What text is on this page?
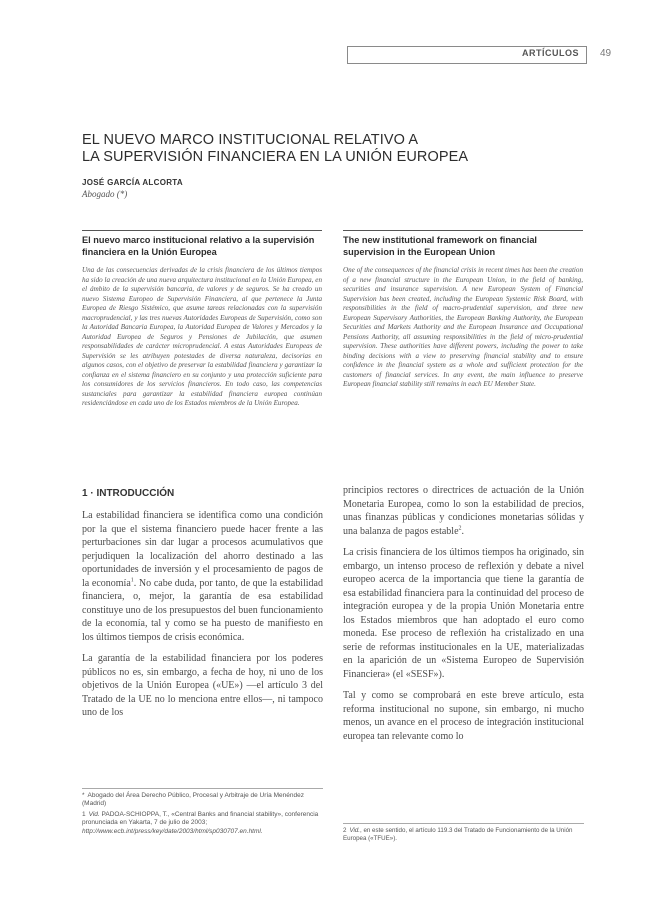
ARTÍCULOS 49
EL NUEVO MARCO INSTITUCIONAL RELATIVO A
LA SUPERVISIÓN FINANCIERA EN LA UNIÓN EUROPEA
JOSÉ GARCÍA ALCORTA
Abogado (*)
El nuevo marco institucional relativo a la supervisión financiera en la Unión Europea

Una de las consecuencias derivadas de la crisis financiera de los últimos tiempos ha sido la creación de una nueva arquitectura institucional en la Unión Europea, en el ámbito de la supervisión bancaria, de valores y de seguros. Se ha creado un nuevo Sistema Europeo de Supervisión Financiera, al que pertenece la Junta Europea de Riesgo Sistémico, que asume tareas relacionadas con la supervisión macroprudencial, y las tres nuevas Autoridades Europeas de Supervisión, como son la Autoridad Bancaria Europea, la Autoridad Europea de Valores y Mercados y la Autoridad Europea de Seguros y Pensiones de Jubilación, que asumen responsabilidades de carácter microprudencial. A estas Autoridades Europeas de Supervisión se les atribuyen potestades de diversa naturaleza, decisorias en algunos casos, con el objetivo de preservar la estabilidad financiera y garantizar la confianza en el sistema financiero en su conjunto y una protección suficiente para los consumidores de los servicios financieros. En todo caso, las competencias sustanciales para garantizar la estabilidad financiera europea continúan residenciándose en cada uno de los Estados miembros de la Unión Europea.

The new institutional framework on financial supervision in the European Union

One of the consequences of the financial crisis in recent times has been the creation of a new financial structure in the European Union, in the field of banking, securities and insurance supervision. A new European System of Financial Supervision has been created, including the European Systemic Risk Board, with responsibilities in the field of macro-prudential supervision, and three new European Supervisory Authorities, the European Banking Authority, the European Securities and Markets Authority and the European Insurance and Occupational Pensions Authority, all assuming responsibilities in the field of micro-prudential supervision. These authorities have different powers, including the power to take binding decisions with a view to preserving financial stability and to ensure confidence in the financial system as a whole and sufficient protection for the customers of financial services. In any event, the main influence to preserve European financial stability still remains in each EU Member State.

1 · INTRODUCCIÓN

La estabilidad financiera se identifica como una condición por la que el sistema financiero puede hacer frente a las perturbaciones sin dar lugar a procesos acumulativos que perjudiquen la localización del ahorro destinado a las oportunidades de inversión y el procesamiento de pagos de la economía$^1$. No cabe duda, por tanto, de que la estabilidad financiera, o, mejor, la garantía de esa estabilidad constituye uno de los presupuestos del buen funcionamiento de la economía, tal y como se ha puesto de manifiesto en los últimos tiempos de crisis económica.

La garantía de la estabilidad financiera por los poderes públicos no es, sin embargo, a fecha de hoy, ni uno de los objetivos de la Unión Europea («UE») —el artículo 3 del Tratado de la UE no lo menciona entre ellos—, ni tampoco uno de los

principios rectores o directrices de actuación de la Unión Monetaria Europea, como lo son la estabilidad de precios, unas finanzas públicas y condiciones monetarias sólidas y una balanza de pagos estable$^2$.

La crisis financiera de los últimos tiempos ha originado, sin embargo, un intenso proceso de reflexión y debate a nivel europeo acerca de la importancia que tiene la garantía de esa estabilidad financiera para la continuidad del proceso de integración europea y de la propia Unión Monetaria entre los Estados miembros que han adoptado el euro como moneda. Ese proceso de reflexión ha cristalizado en una serie de reformas institucionales en la UE, materializadas en la aparición de un «Sistema Europeo de Supervisión Financiera» (el «SESF»).

Tal y como se comprobará en este breve artículo, esta reforma institucional no supone, sin embargo, ni mucho menos, un avance en el proceso de integración institucional europea tan relevante como lo

* Abogado del Área Derecho Público, Procesal y Arbitraje de Uría Menéndez (Madrid)

1 Vid. PADOA-SCHIOPPA, T., «Central Banks and financial stability», conferencia pronunciada en Yakarta, 7 de julio de 2003; http://www.ecb.int/press/key/date/2003/html/sp030707.en.html.	2 Vid., en este sentido, el artículo 119.3 del Tratado de Funcionamiento de la Unión Europea («TFUE»).
